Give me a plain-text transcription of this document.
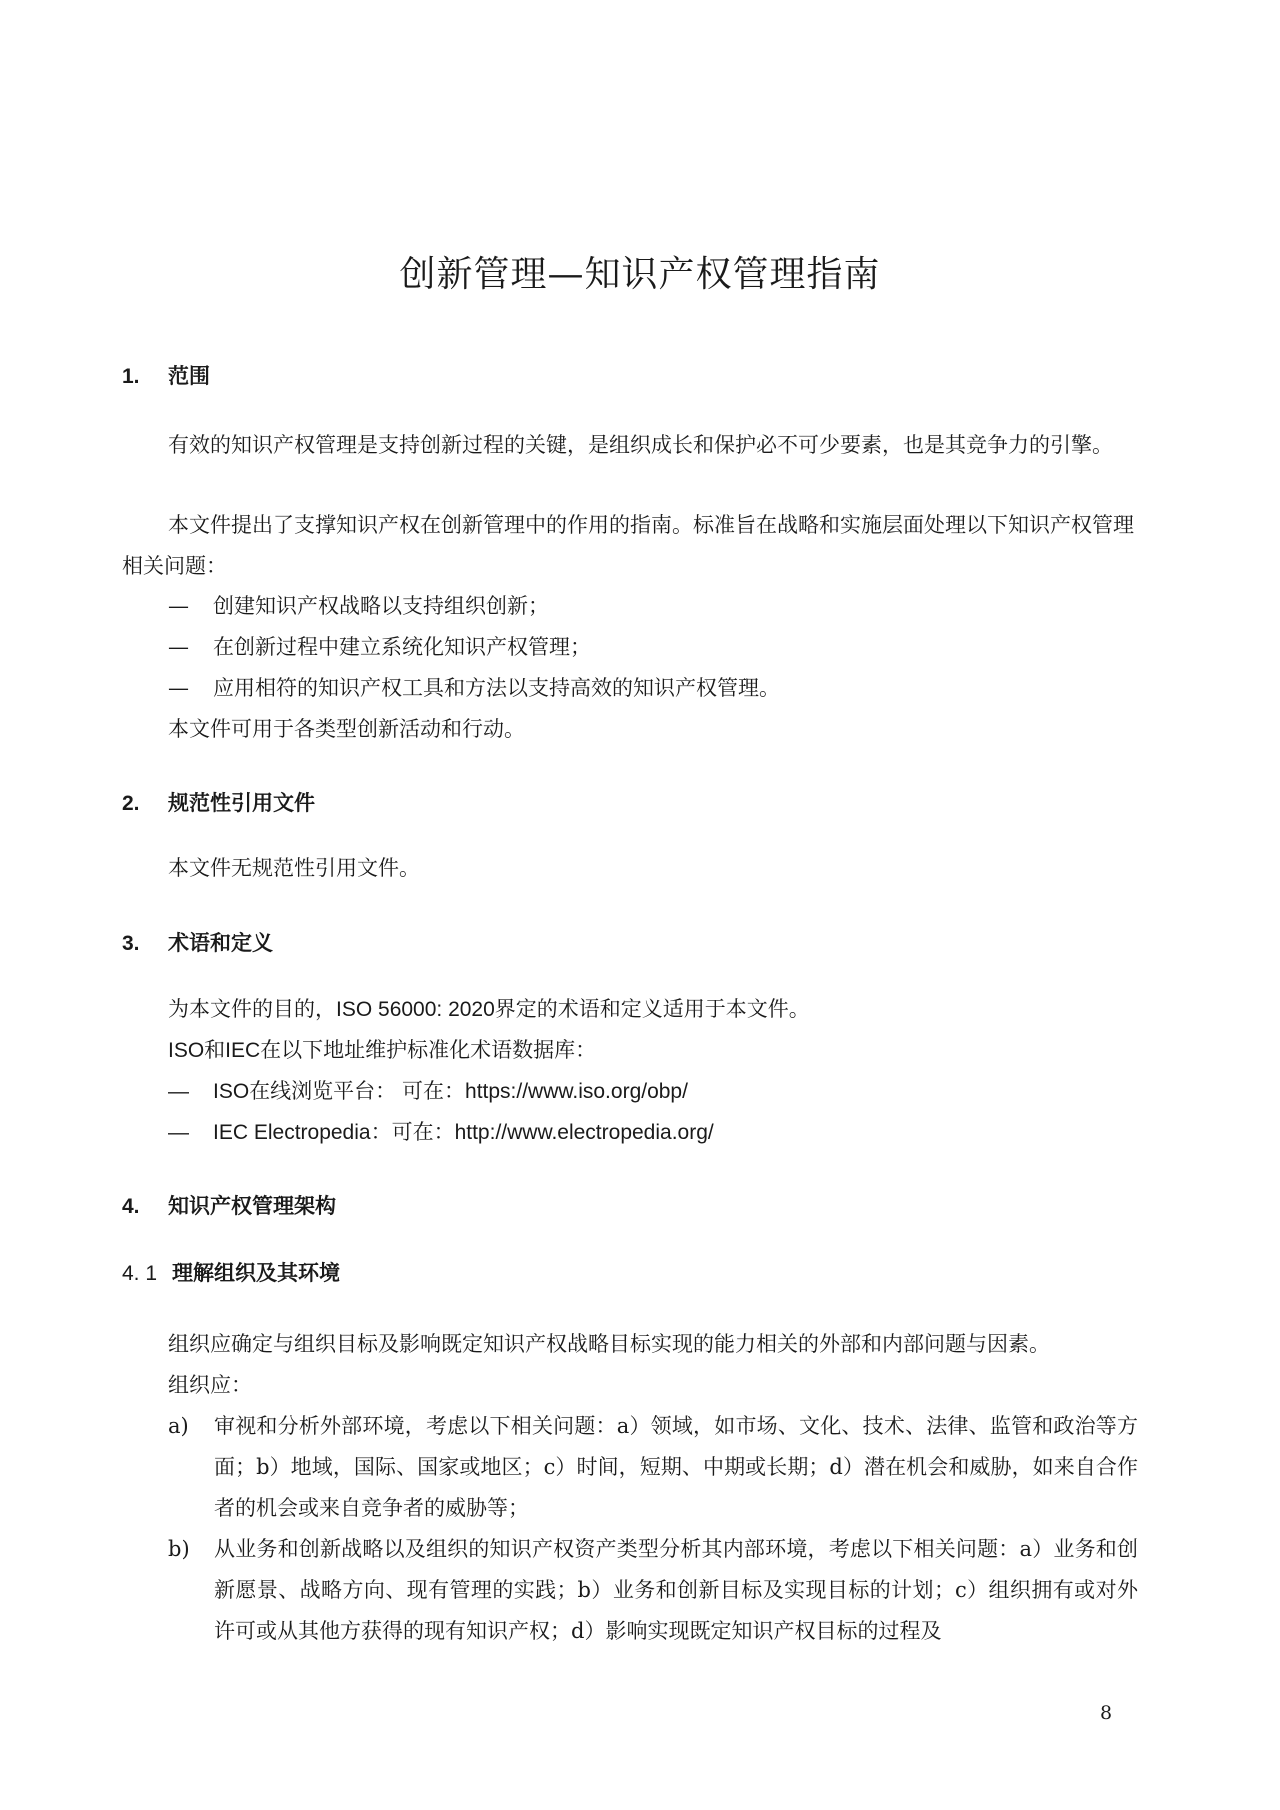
创新管理—知识产权管理指南
1. 范围

有效的知识产权管理是支持创新过程的关键，是组织成长和保护必不可少要素，也是其竞争力的引擎。

本文件提出了支撑知识产权在创新管理中的作用的指南。标准旨在战略和实施层面处理以下知识产权管理相关问题：

— 创建知识产权战略以支持组织创新；
— 在创新过程中建立系统化知识产权管理；
— 应用相符的知识产权工具和方法以支持高效的知识产权管理。

本文件可用于各类型创新活动和行动。

2. 规范性引用文件

本文件无规范性引用文件。

3. 术语和定义

为本文件的目的，ISO 56000: 2020界定的术语和定义适用于本文件。

ISO和IEC在以下地址维护标准化术语数据库：

— ISO在线浏览平台： 可在：https://www.iso.org/obp/
— IEC Electropedia：可在：http://www.electropedia.org/
4. 知识产权管理架构
4. 1 理解组织及其环境

组织应确定与组织目标及影响既定知识产权战略目标实现的能力相关的外部和内部问题与因素。

组织应：

a)	审视和分析外部环境，考虑以下相关问题：a）领域，如市场、文化、技术、法律、监管和政治等方面；b）地域，国际、国家或地区；c）时间，短期、中期或长期；d）潜在机会和威胁，如来自合作者的机会或来自竞争者的威胁等；
b)	从业务和创新战略以及组织的知识产权资产类型分析其内部环境，考虑以下相关问题：a）业务和创新愿景、战略方向、现有管理的实践；b）业务和创新目标及实现目标的计划；c）组织拥有或对外许可或从其他方获得的现有知识产权；d）影响实现既定知识产权目标的过程及
8
